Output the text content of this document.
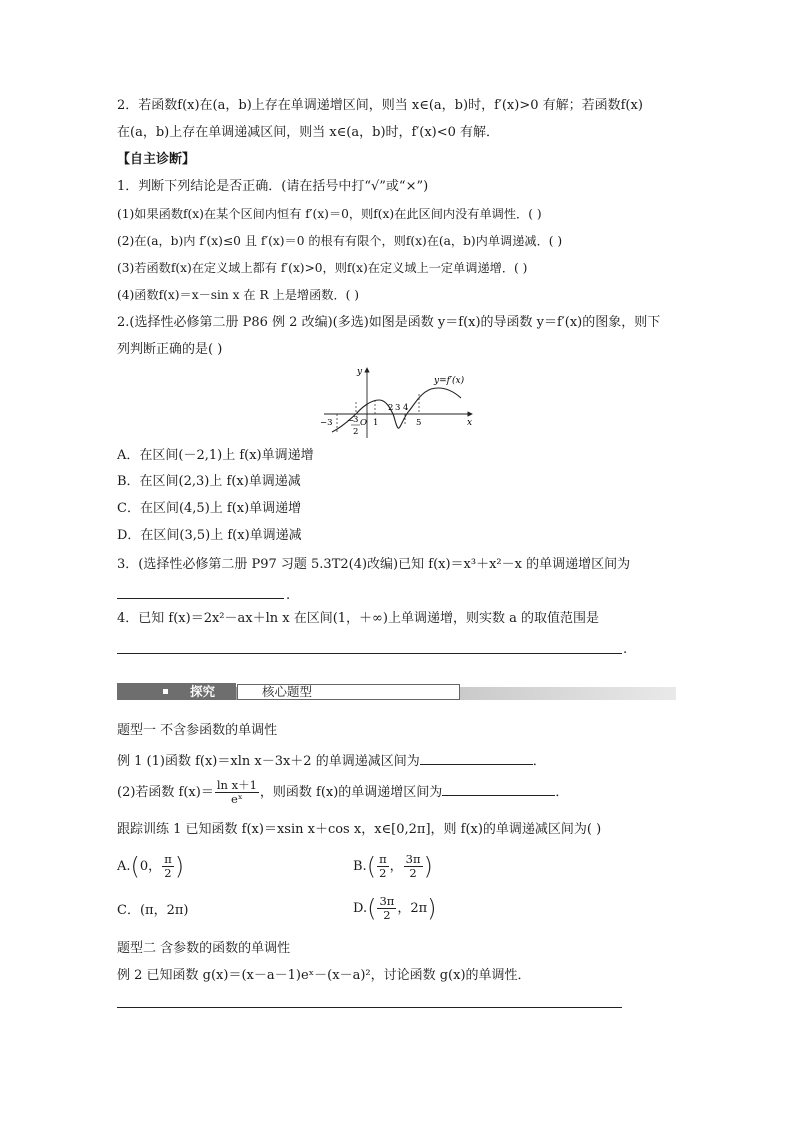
2．若函数f(x)在(a，b)上存在单调递增区间，则当 x∈(a，b)时，f′(x)>0 有解；若函数f(x)
在(a，b)上存在单调递减区间，则当 x∈(a，b)时，f′(x)<0 有解．
【自主诊断】
1．判断下列结论是否正确．(请在括号中打“√”或“×”)
(1)如果函数f(x)在某个区间内恒有 f′(x)＝0，则f(x)在此区间内没有单调性．( )
(2)在(a，b)内 f′(x)≤0 且 f′(x)＝0 的根有有限个，则f(x)在(a，b)内单调递减．( )
(3)若函数f(x)在定义域上都有 f′(x)>0，则f(x)在定义域上一定单调递增．( )
(4)函数f(x)＝x－sin x 在 R 上是增函数．( )
2.(选择性必修第二册 P86 例 2 改编)(多选)如图是函数 y＝f(x)的导函数 y＝f′(x)的图象，则下
列判断正确的是( )
y
x
y=f′(x)
O
−3 −
3
2
1
2 3 4
5
A．在区间(－2,1)上 f(x)单调递增
B．在区间(2,3)上 f(x)单调递减
C．在区间(4,5)上 f(x)单调递增
D．在区间(3,5)上 f(x)单调递减
3．(选择性必修第二册 P97 习题 5.3T2(4)改编)已知 f(x)＝x³＋x²－x 的单调递增区间为
.
4．已知 f(x)＝2x²－ax＋ln x 在区间(1，＋∞)上单调递增，则实数 a 的取值范围是
.
探究	核心题型
题型一 不含参函数的单调性
例 1 (1)函数 f(x)＝xln x－3x＋2 的单调递减区间为	．
(2)若函数 $f(x)= \frac{\text{ln x＋1}}{\text{eˣ}}$ ，则函数 f(x)的单调递增区间为	．
跟踪训练 1 已知函数 f(x)＝xsin x＋cos x，x∈[0,2π]，则 f(x)的单调递减区间为( )
A.(0， $\frac{\pi}{2}$ )	$B.( \frac{\pi}{2}$ ， $\frac{3\pi}{2}$ )
C．(π，2π)	$D.( \frac{3\pi}{2}$ ，2π)
题型二 含参数的函数的单调性
例 2 已知函数 g(x)＝(x－a－1)eˣ－(x－a)²，讨论函数 g(x)的单调性．
